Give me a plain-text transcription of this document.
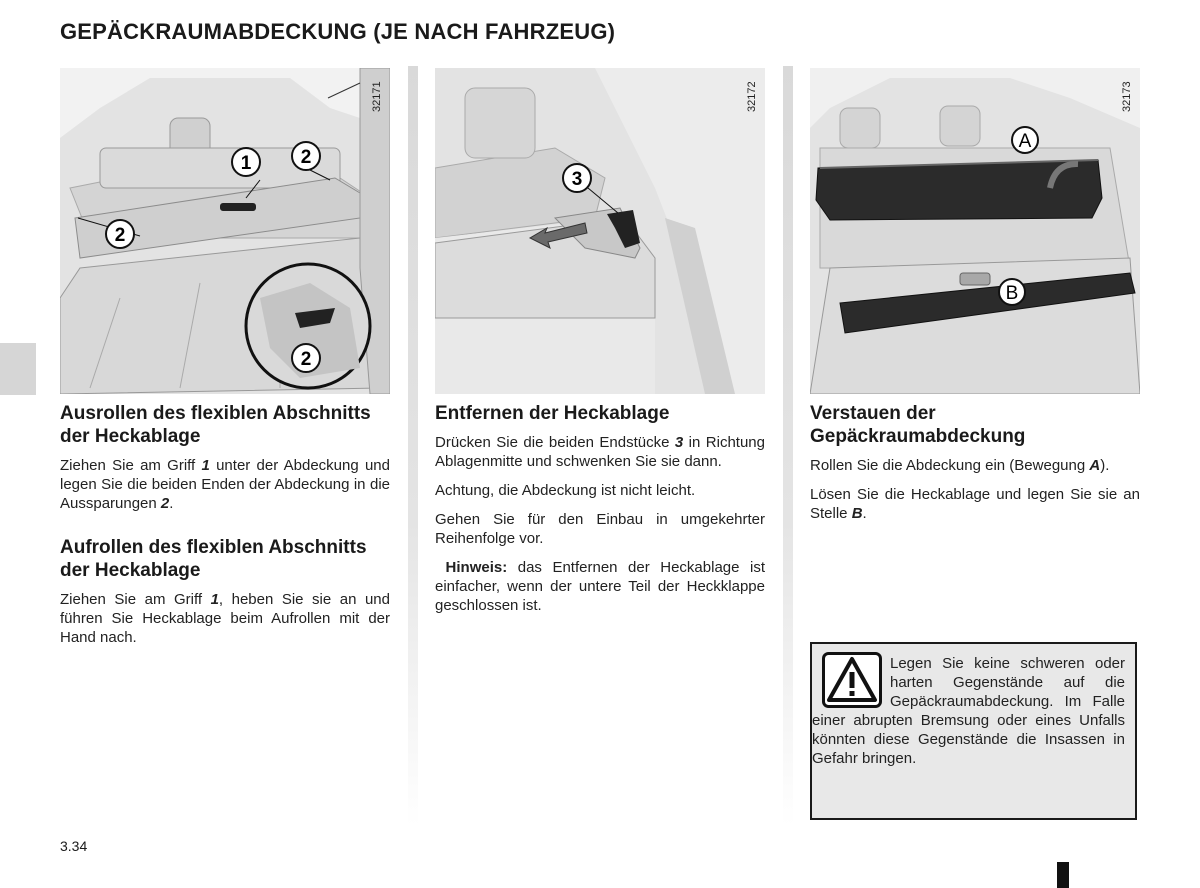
GEPÄCKRAUMABDECKUNG (JE NACH FAHRZEUG)
1	2
2
2
32171
3
32172
A
B
32173
Ausrollen des flexiblen Abschnitts der Heckablage

Ziehen Sie am Griff 1 unter der Abdeckung und legen Sie die beiden Enden der Abdeckung in die Aussparungen 2.

Aufrollen des flexiblen Abschnitts der Heckablage

Ziehen Sie am Griff 1, heben Sie sie an und führen Sie Heckablage beim Aufrollen mit der Hand nach.

Entfernen der Heckablage

Drücken Sie die beiden Endstücke 3 in Richtung Ablagenmitte und schwenken Sie sie dann.

Achtung, die Abdeckung ist nicht leicht.

Gehen Sie für den Einbau in umgekehrter Reihenfolge vor.

Hinweis: das Entfernen der Heckablage ist einfacher, wenn der untere Teil der Heckklappe geschlossen ist.

Verstauen der Gepäckraumabdeckung

Rollen Sie die Abdeckung ein (Bewegung A).

Lösen Sie die Heckablage und legen Sie sie an Stelle B.

Legen Sie keine schweren oder harten Gegenstände auf die Gepäckraumabdeckung. Im Falle einer abrupten Bremsung oder eines Unfalls könnten diese Gegenstände die Insassen in Gefahr bringen.

3.34
